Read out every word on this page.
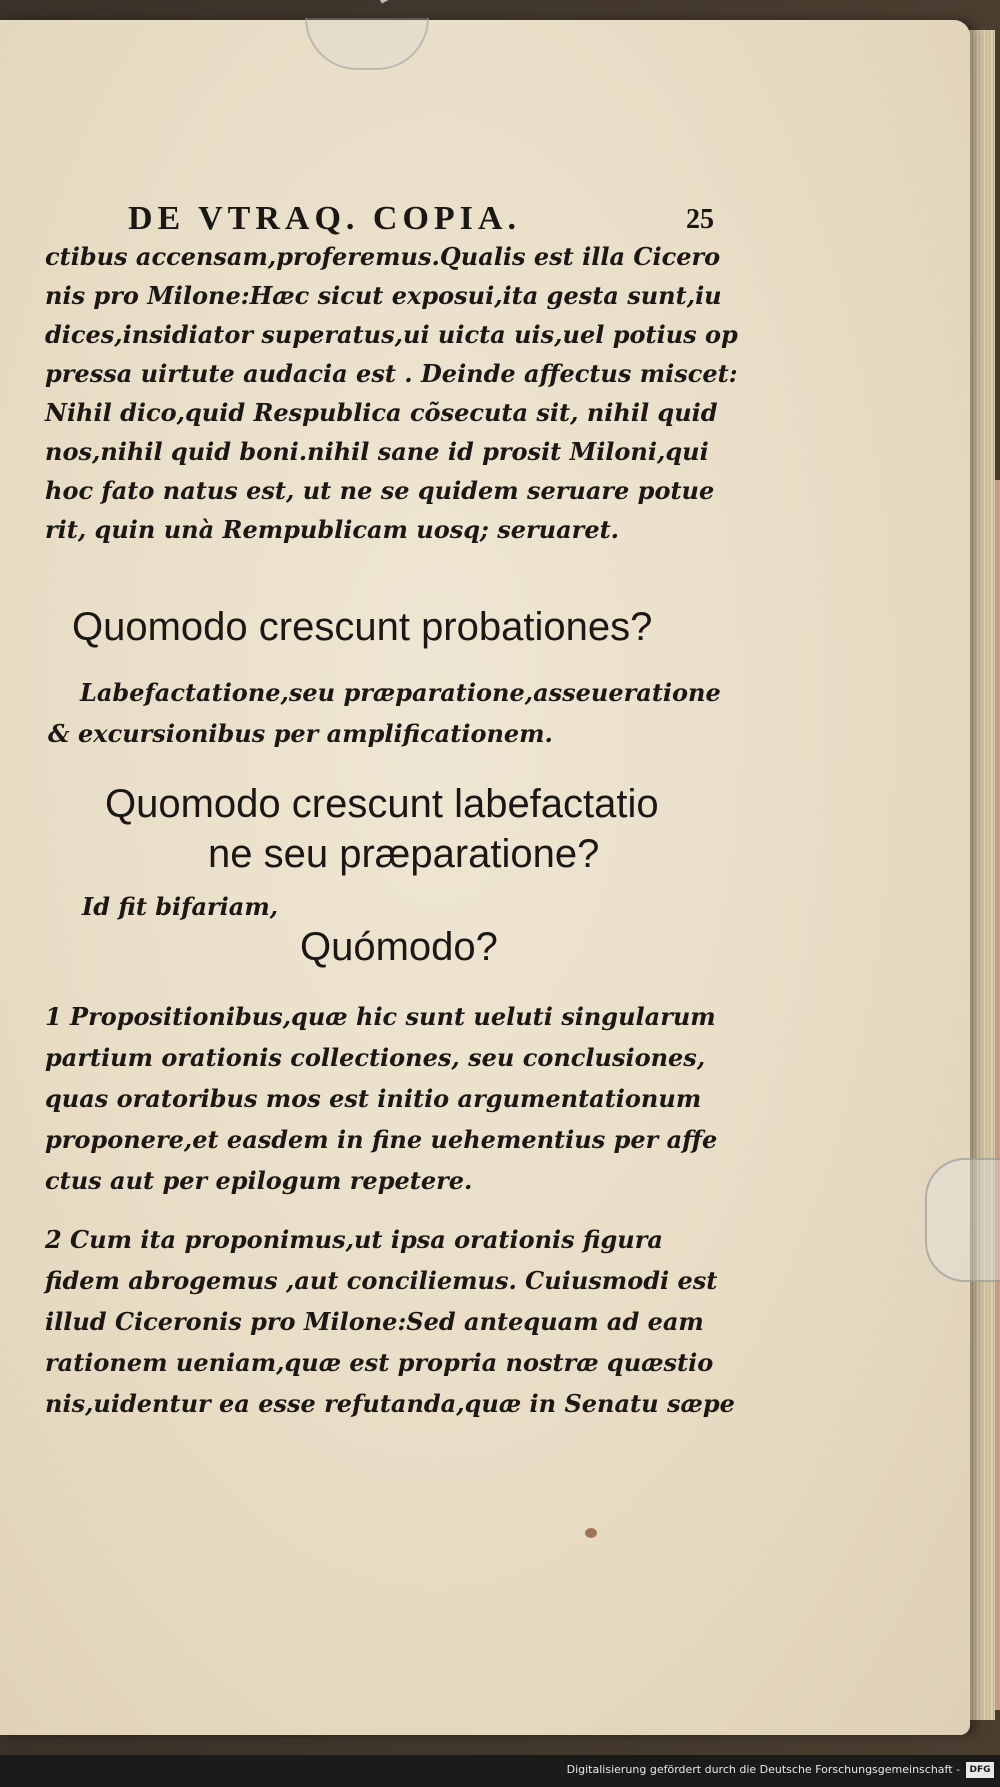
DE VTRAQ. COPIA.	25
ctibus accensam,proferemus.Qualis est illa Cicero
nis pro Milone:Hæc sicut exposui,ita gesta sunt,iu
dices,insidiator superatus,ui uicta uis,uel potius op
pressa uirtute audacia est . Deinde affectus miscet:
Nihil dico,quid Respublica cõsecuta sit, nihil quid
nos,nihil quid boni.nihil sane id prosit Miloni,qui
hoc fato natus est, ut ne se quidem seruare potue
rit, quin unà Rempublicam uosq; seruaret.
Quomodo crescunt probationes?
Labefactatione,seu præparatione,asseueratione
& excursionibus per amplificationem.
Quomodo crescunt labefactatio
ne seu præparatione?
Id fit bifariam,
Quómodo?
1 Propositionibus,quæ hic sunt ueluti singularum
partium orationis collectiones, seu conclusiones,
quas oratoribus mos est initio argumentationum
proponere,et easdem in fine uehementius per affe
ctus aut per epilogum repetere.
2 Cum ita proponimus,ut ipsa orationis figura
fidem abrogemus ,aut conciliemus. Cuiusmodi est
illud Ciceronis pro Milone:Sed antequam ad eam
rationem ueniam,quæ est propria nostræ quæstio
nis,uidentur ea esse refutanda,quæ in Senatu sæpe
Digitalisierung gefördert durch die Deutsche Forschungsgemeinschaft -	DFG
